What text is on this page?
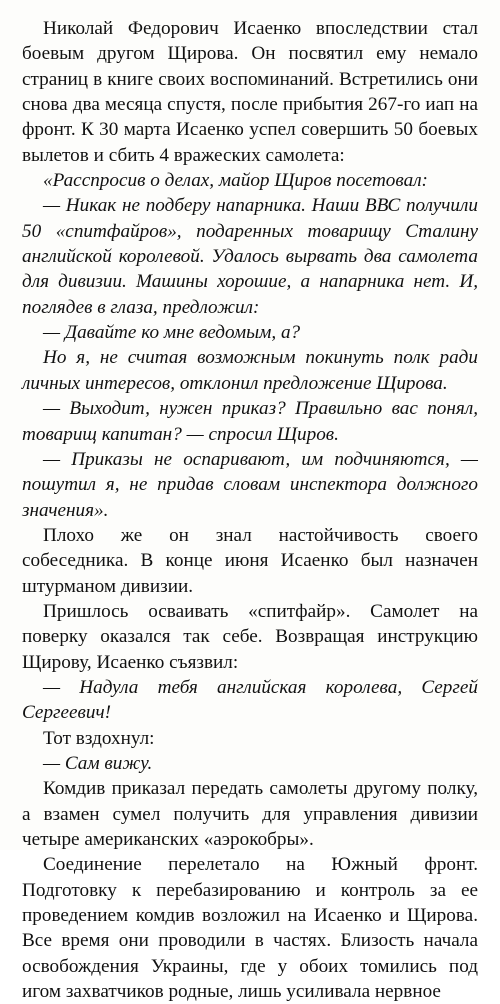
Николай Федорович Исаенко впоследствии стал боевым другом Щирова. Он посвятил ему немало страниц в книге своих воспоминаний. Встретились они снова два месяца спустя, после прибытия 267-го иап на фронт. К 30 марта Исаенко успел совершить 50 боевых вылетов и сбить 4 вражеских самолета:

«Расспросив о делах, майор Щиров посетовал:

— Никак не подберу напарника. Наши ВВС получили 50 «спитфайров», подаренных товарищу Сталину английской королевой. Удалось вырвать два самолета для дивизии. Машины хорошие, а напарника нет. И, поглядев в глаза, предложил:

— Давайте ко мне ведомым, а?

Но я, не считая возможным покинуть полк ради личных интересов, отклонил предложение Щирова.

— Выходит, нужен приказ? Правильно вас понял, товарищ капитан? — спросил Щиров.

— Приказы не оспаривают, им подчиняются, — пошутил я, не придав словам инспектора должного значения».

Плохо же он знал настойчивость своего собеседника. В конце июня Исаенко был назначен штурманом дивизии.

Пришлось осваивать «спитфайр». Самолет на поверку оказался так себе. Возвращая инструкцию Щирову, Исаенко съязвил:

— Надула тебя английская королева, Сергей Сергеевич!

Тот вздохнул:

— Сам вижу.

Комдив приказал передать самолеты другому полку, а взамен сумел получить для управления дивизии четыре американских «аэрокобры».

Соединение перелетало на Южный фронт. Подготовку к перебазированию и контроль за ее проведением комдив возложил на Исаенко и Щирова. Все время они проводили в частях. Близость начала освобождения Украины, где у обоих томились под игом захватчиков родные, лишь усиливала нервное
